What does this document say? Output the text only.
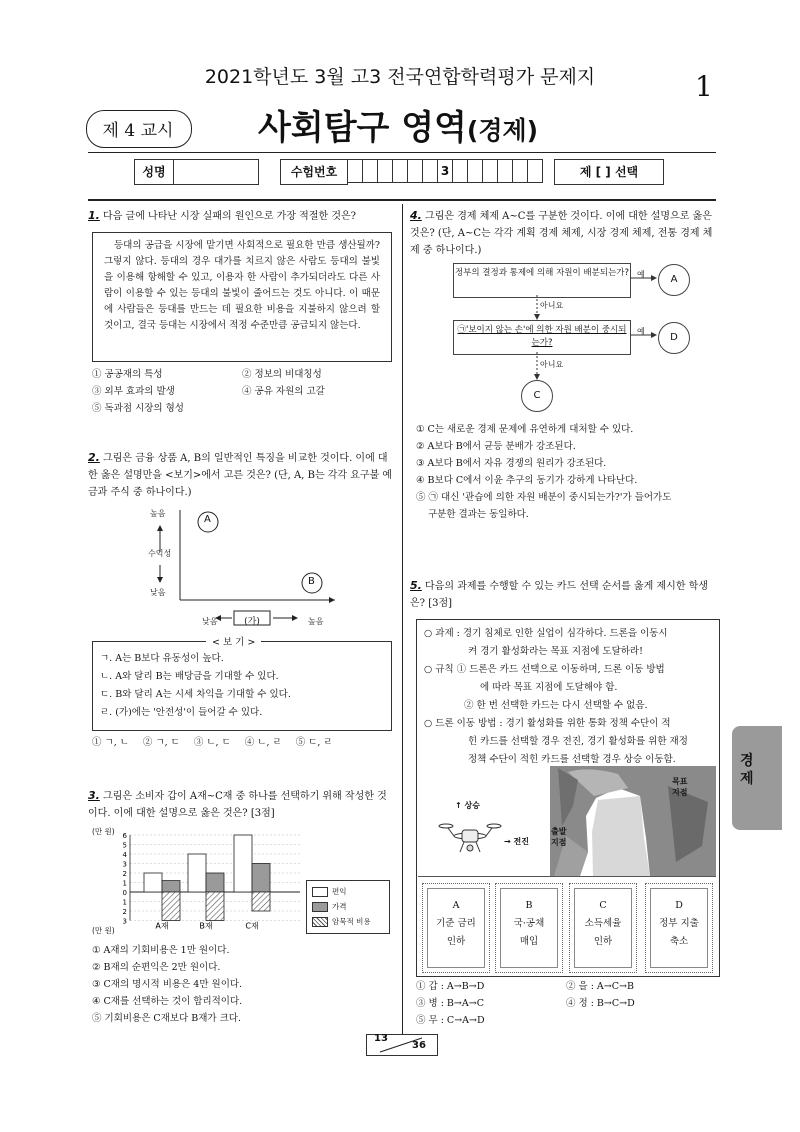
2021학년도 3월 고3 전국연합학력평가 문제지	1
제 4 교시	사회탐구 영역(경제)
성명	수험번호	3	제 [ ] 선택
1. 다음 글에 나타난 시장 실패의 원인으로 가장 적절한 것은?
등대의 공급을 시장에 맡기면 사회적으로 필요한 만큼 생산될까? 그렇지 않다. 등대의 경우 대가를 치르지 않은 사람도 등대의 불빛을 이용해 항해할 수 있고, 이용자 한 사람이 추가되더라도 다른 사람이 이용할 수 있는 등대의 불빛이 줄어드는 것도 아니다. 이 때문에 사람들은 등대를 만드는 데 필요한 비용을 지불하지 않으려 할 것이고, 결국 등대는 시장에서 적정 수준만큼 공급되지 않는다.
① 공공재의 특성	② 정보의 비대칭성
③ 외부 효과의 발생	④ 공유 자원의 고갈
⑤ 독과점 시장의 형성
2. 그림은 금융 상품 A, B의 일반적인 특징을 비교한 것이다. 이에 대한 옳은 설명만을 <보기>에서 고른 것은? (단, A, B는 각각 요구불 예금과 주식 중 하나이다.)
높음
수익성
낮음
낮음	(가)	높음
A
B
< 보 기 >
ㄱ. A는 B보다 유동성이 높다.
ㄴ. A와 달리 B는 배당금을 기대할 수 있다.
ㄷ. B와 달리 A는 시세 차익을 기대할 수 있다.
ㄹ. (가)에는 '안전성'이 들어갈 수 있다.
① ㄱ, ㄴ ② ㄱ, ㄷ ③ ㄴ, ㄷ ④ ㄴ, ㄹ ⑤ ㄷ, ㄹ
3. 그림은 소비자 갑이 A재~C재 중 하나를 선택하기 위해 작성한 것이다. 이에 대한 설명으로 옳은 것은? [3점]
(만 원)
(만 원)
6
5
4
3
2
1
0
1
2
3	A재	B재	C재
편익
가격
암묵적 비용
① A재의 기회비용은 1만 원이다.
② B재의 순편익은 2만 원이다.
③ C재의 명시적 비용은 4만 원이다.
④ C재를 선택하는 것이 합리적이다.
⑤ 기회비용은 C재보다 B재가 크다.
4. 그림은 경제 체제 A~C를 구분한 것이다. 이에 대한 설명으로 옳은 것은? (단, A~C는 각각 계획 경제 체제, 시장 경제 체제, 전통 경제 체제 중 하나이다.)
정부의 결정과 통제에 의해 자원이 배분되는가?
㉠'보이지 않는 손'에 의한 자원 배분이 중시되는가?
예
예
아니요
아니요
A
D
C
① C는 새로운 경제 문제에 유연하게 대처할 수 있다.
② A보다 B에서 균등 분배가 강조된다.
③ A보다 B에서 자유 경쟁의 원리가 강조된다.
④ B보다 C에서 이윤 추구의 동기가 강하게 나타난다.
⑤ ㉠ 대신 '관습에 의한 자원 배분이 중시되는가?'가 들어가도
구분한 결과는 동일하다.
5. 다음의 과제를 수행할 수 있는 카드 선택 순서를 옳게 제시한 학생은? [3점]
○ 과제 : 경기 침체로 인한 실업이 심각하다. 드론을 이동시
켜 경기 활성화라는 목표 지점에 도달하라!
○ 규칙 ① 드론은 카드 선택으로 이동하며, 드론 이동 방법
에 따라 목표 지점에 도달해야 함.
② 한 번 선택한 카드는 다시 선택할 수 없음.
○ 드론 이동 방법 : 경기 활성화를 위한 통화 정책 수단이 적
힌 카드를 선택할 경우 전진, 경기 활성화를 위한 재정
정책 수단이 적힌 카드를 선택할 경우 상승 이동함.
↑ 상승
→ 전진
출발
지점
목표
지점
A
기준 금리
인하
B
국·공채
매입
C
소득세율
인하
D
정부 지출
축소
① 갑 : A→B→D	② 을 : A→C→B
③ 병 : B→A→C	④ 정 : B→C→D
⑤ 무 : C→A→D
경제
13
36
